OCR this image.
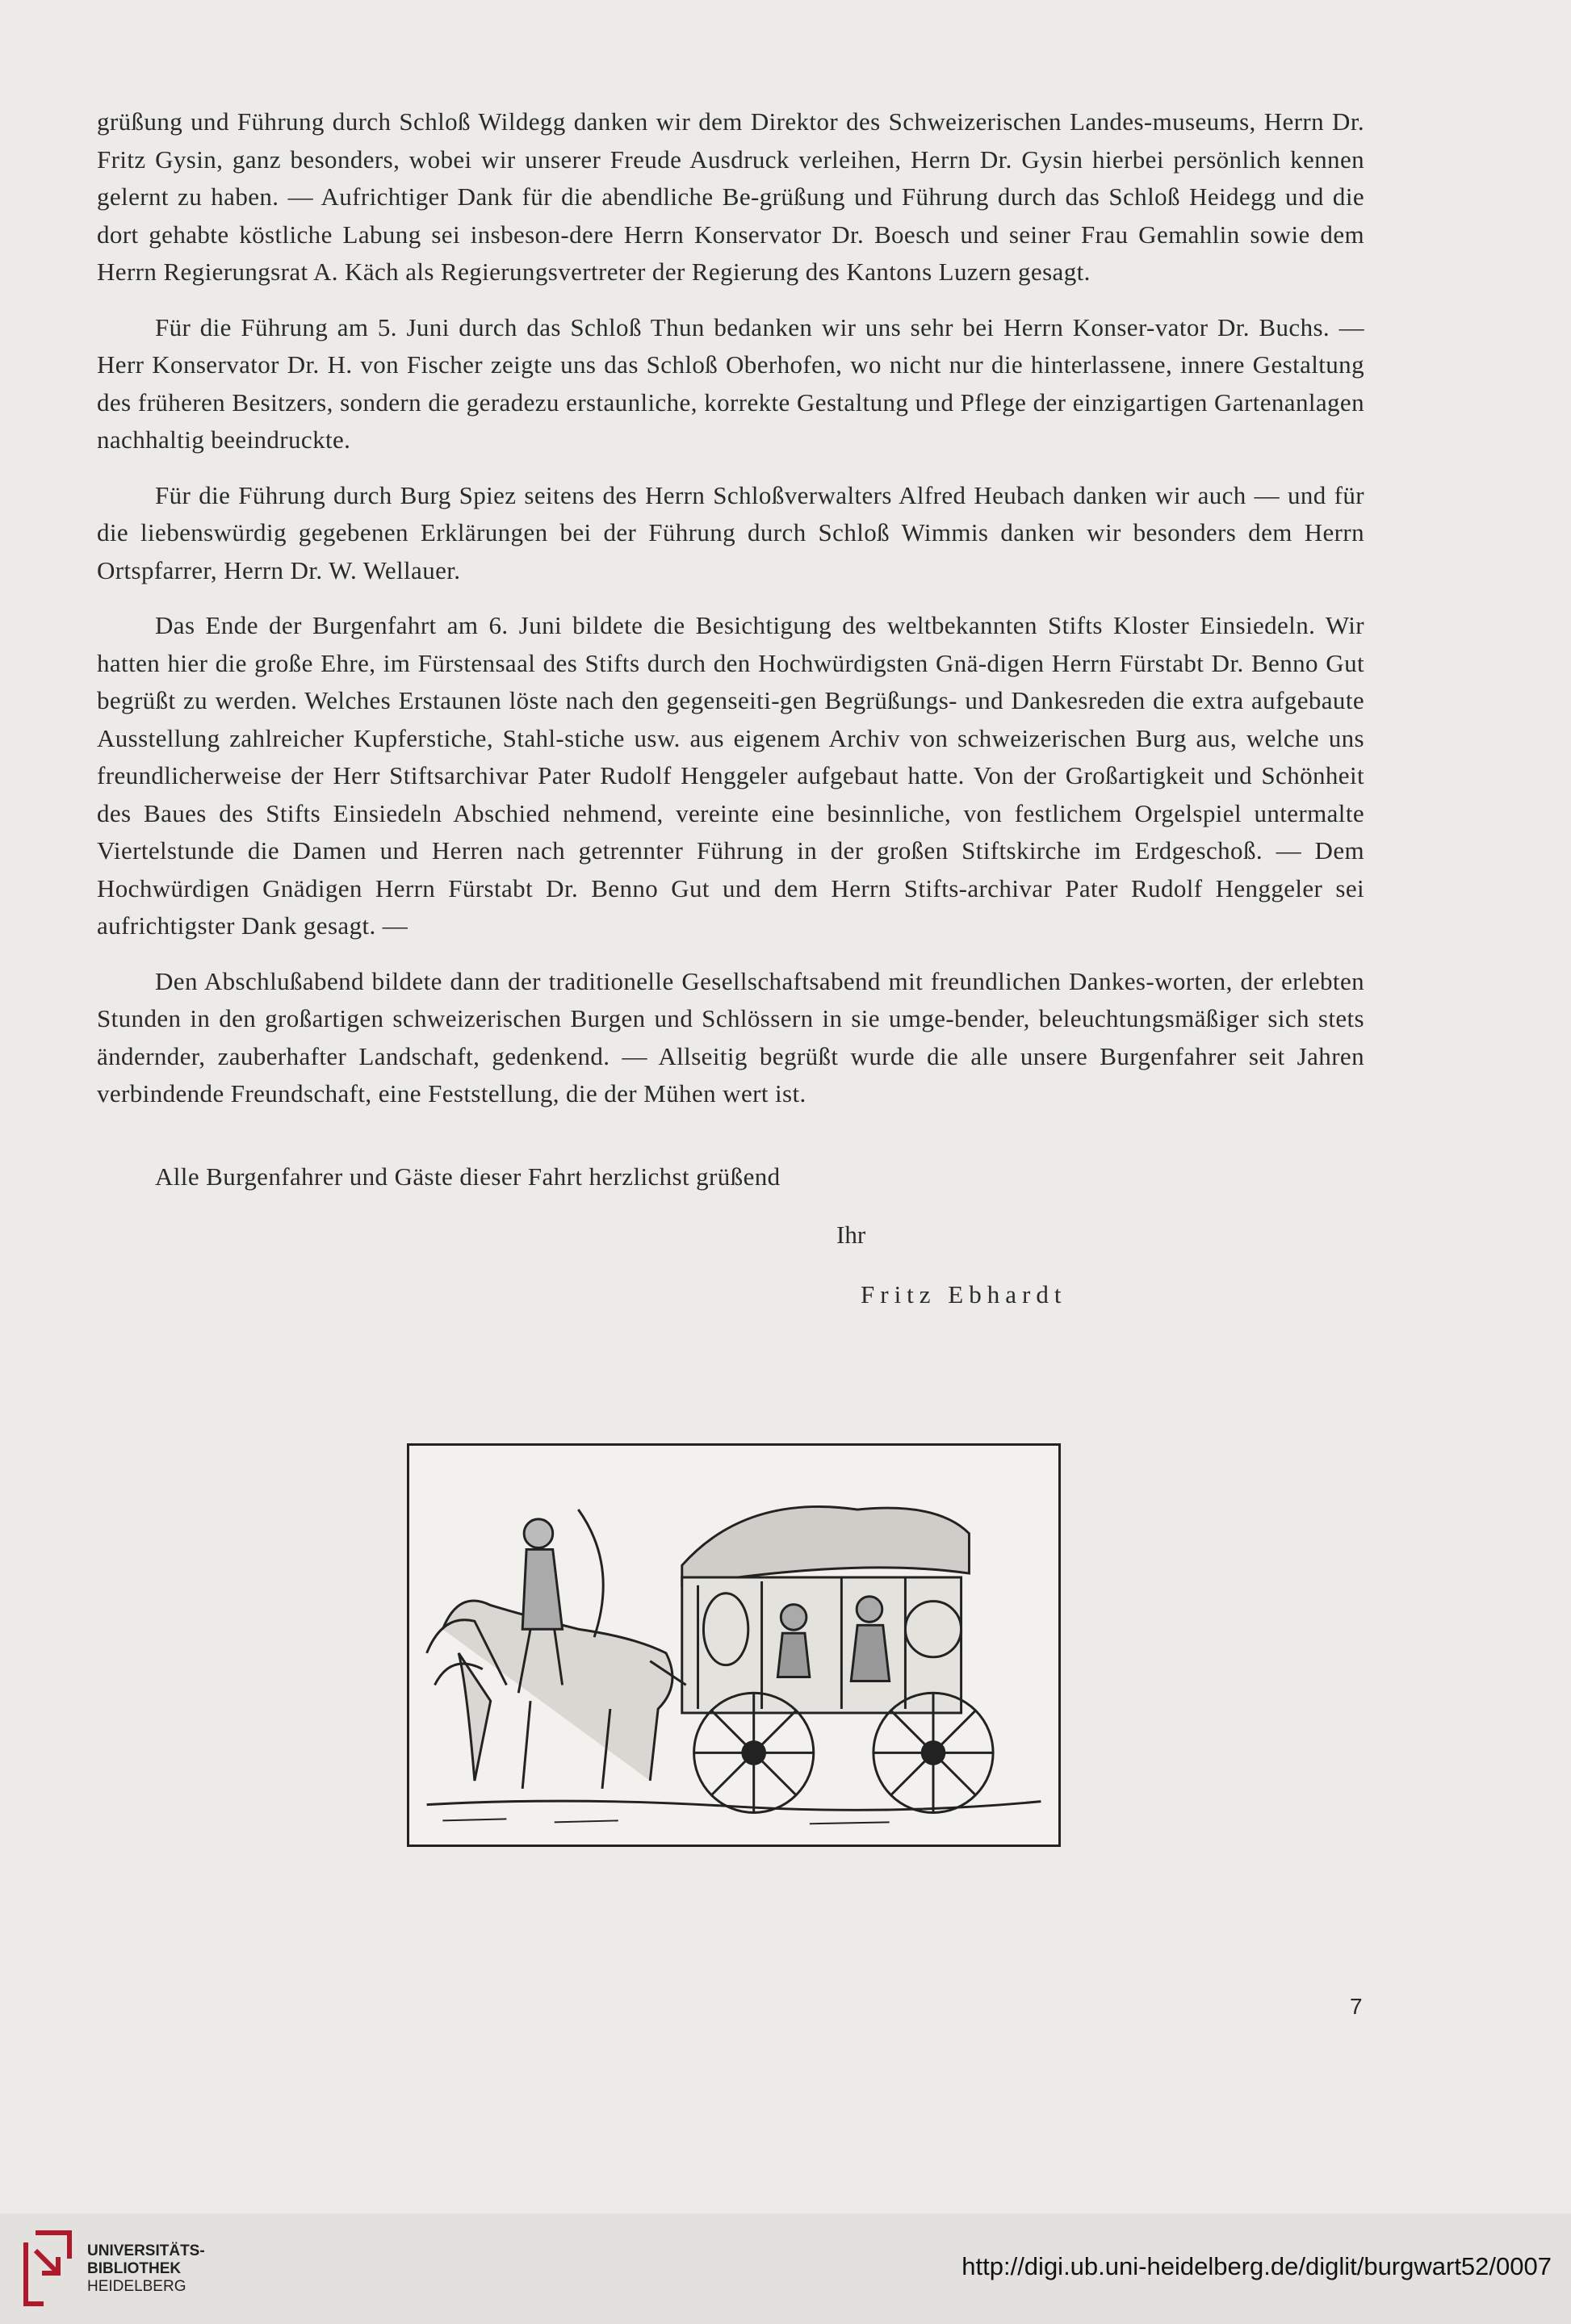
grüßung und Führung durch Schloß Wildegg danken wir dem Direktor des Schweizerischen Landes-museums, Herrn Dr. Fritz Gysin, ganz besonders, wobei wir unserer Freude Ausdruck verleihen, Herrn Dr. Gysin hierbei persönlich kennen gelernt zu haben. — Aufrichtiger Dank für die abendliche Be-grüßung und Führung durch das Schloß Heidegg und die dort gehabte köstliche Labung sei insbeson-dere Herrn Konservator Dr. Boesch und seiner Frau Gemahlin sowie dem Herrn Regierungsrat A. Käch als Regierungsvertreter der Regierung des Kantons Luzern gesagt.

Für die Führung am 5. Juni durch das Schloß Thun bedanken wir uns sehr bei Herrn Konser-vator Dr. Buchs. — Herr Konservator Dr. H. von Fischer zeigte uns das Schloß Oberhofen, wo nicht nur die hinterlassene, innere Gestaltung des früheren Besitzers, sondern die geradezu erstaunliche, korrekte Gestaltung und Pflege der einzigartigen Gartenanlagen nachhaltig beeindruckte.

Für die Führung durch Burg Spiez seitens des Herrn Schloßverwalters Alfred Heubach danken wir auch — und für die liebenswürdig gegebenen Erklärungen bei der Führung durch Schloß Wimmis danken wir besonders dem Herrn Ortspfarrer, Herrn Dr. W. Wellauer.

Das Ende der Burgenfahrt am 6. Juni bildete die Besichtigung des weltbekannten Stifts Kloster Einsiedeln. Wir hatten hier die große Ehre, im Fürstensaal des Stifts durch den Hochwürdigsten Gnä-digen Herrn Fürstabt Dr. Benno Gut begrüßt zu werden. Welches Erstaunen löste nach den gegenseiti-gen Begrüßungs- und Dankesreden die extra aufgebaute Ausstellung zahlreicher Kupferstiche, Stahl-stiche usw. aus eigenem Archiv von schweizerischen Burg aus, welche uns freundlicherweise der Herr Stiftsarchivar Pater Rudolf Henggeler aufgebaut hatte. Von der Großartigkeit und Schönheit des Baues des Stifts Einsiedeln Abschied nehmend, vereinte eine besinnliche, von festlichem Orgelspiel untermalte Viertelstunde die Damen und Herren nach getrennter Führung in der großen Stiftskirche im Erdgeschoß. — Dem Hochwürdigen Gnädigen Herrn Fürstabt Dr. Benno Gut und dem Herrn Stifts-archivar Pater Rudolf Henggeler sei aufrichtigster Dank gesagt. —

Den Abschlußabend bildete dann der traditionelle Gesellschaftsabend mit freundlichen Dankes-worten, der erlebten Stunden in den großartigen schweizerischen Burgen und Schlössern in sie umge-bender, beleuchtungsmäßiger sich stets ändernder, zauberhafter Landschaft, gedenkend. — Allseitig begrüßt wurde die alle unsere Burgenfahrer seit Jahren verbindende Freundschaft, eine Feststellung, die der Mühen wert ist.

Alle Burgenfahrer und Gäste dieser Fahrt herzlichst grüßend
Ihr
Fritz Ebhardt
7
UNIVERSITÄTS-
BIBLIOTHEK
HEIDELBERG
http://digi.ub.uni-heidelberg.de/diglit/burgwart52/0007
